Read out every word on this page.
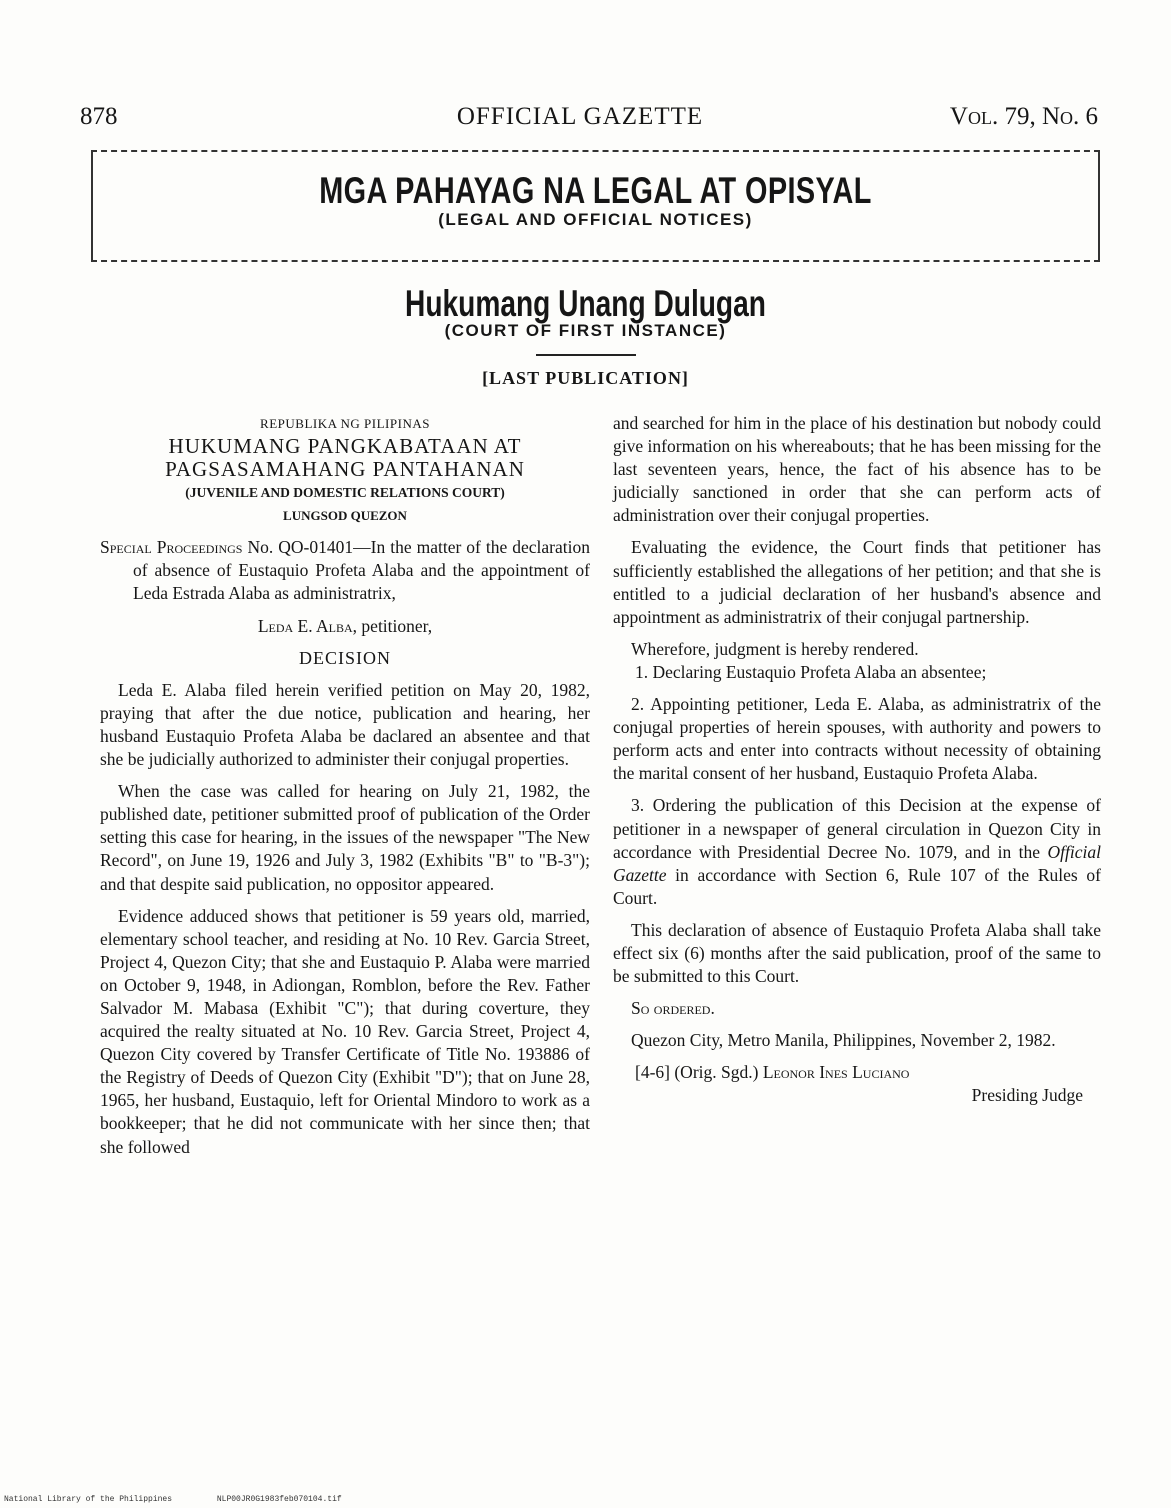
878	OFFICIAL GAZETTE	Vol. 79, No. 6
MGA PAHAYAG NA LEGAL AT OPISYAL
(LEGAL AND OFFICIAL NOTICES)
Hukumang Unang Dulugan
(COURT OF FIRST INSTANCE)
[LAST PUBLICATION]
REPUBLIKA NG PILIPINAS
HUKUMANG PANGKABATAAN AT
PAGSASAMAHANG PANTAHANAN
(JUVENILE AND DOMESTIC RELATIONS COURT)
LUNGSOD QUEZON

Special Proceedings No. QO-01401—In the matter of the declaration of absence of Eustaquio Profeta Alaba and the appointment of Leda Estrada Alaba as administratrix,

Leda E. Alba, petitioner,

DECISION

Leda E. Alaba filed herein verified petition on May 20, 1982, praying that after the due notice, publication and hearing, her husband Eustaquio Profeta Alaba be daclared an absentee and that she be judicially authorized to administer their conjugal properties.

When the case was called for hearing on July 21, 1982, the published date, petitioner submitted proof of publication of the Order setting this case for hearing, in the issues of the newspaper "The New Record", on June 19, 1926 and July 3, 1982 (Exhibits "B" to "B-3"); and that despite said publication, no oppositor appeared.

Evidence adduced shows that petitioner is 59 years old, married, elementary school teacher, and residing at No. 10 Rev. Garcia Street, Project 4, Quezon City; that she and Eustaquio P. Alaba were married on October 9, 1948, in Adiongan, Romblon, before the Rev. Father Salvador M. Mabasa (Exhibit "C"); that during coverture, they acquired the realty situated at No. 10 Rev. Garcia Street, Project 4, Quezon City covered by Transfer Certificate of Title No. 193886 of the Registry of Deeds of Quezon City (Exhibit "D"); that on June 28, 1965, her husband, Eustaquio, left for Oriental Mindoro to work as a bookkeeper; that he did not communicate with her since then; that she followed

and searched for him in the place of his destination but nobody could give information on his whereabouts; that he has been missing for the last seventeen years, hence, the fact of his absence has to be judicially sanctioned in order that she can perform acts of administration over their conjugal properties.

Evaluating the evidence, the Court finds that petitioner has sufficiently established the allegations of her petition; and that she is entitled to a judicial declaration of her husband's absence and appointment as administratrix of their conjugal partnership.

Wherefore, judgment is hereby rendered.

1. Declaring Eustaquio Profeta Alaba an absentee;

2. Appointing petitioner, Leda E. Alaba, as administratrix of the conjugal properties of herein spouses, with authority and powers to perform acts and enter into contracts without necessity of obtaining the marital consent of her husband, Eustaquio Profeta Alaba.

3. Ordering the publication of this Decision at the expense of petitioner in a newspaper of general circulation in Quezon City in accordance with Presidential Decree No. 1079, and in the Official Gazette in accordance with Section 6, Rule 107 of the Rules of Court.

This declaration of absence of Eustaquio Profeta Alaba shall take effect six (6) months after the said publication, proof of the same to be submitted to this Court.

So ordered.

Quezon City, Metro Manila, Philippines, November 2, 1982.

[4-6] (Orig. Sgd.) Leonor Ines Luciano
Presiding Judge
National Library of the Philippines	NLP00JR0G1983feb070104.tif
